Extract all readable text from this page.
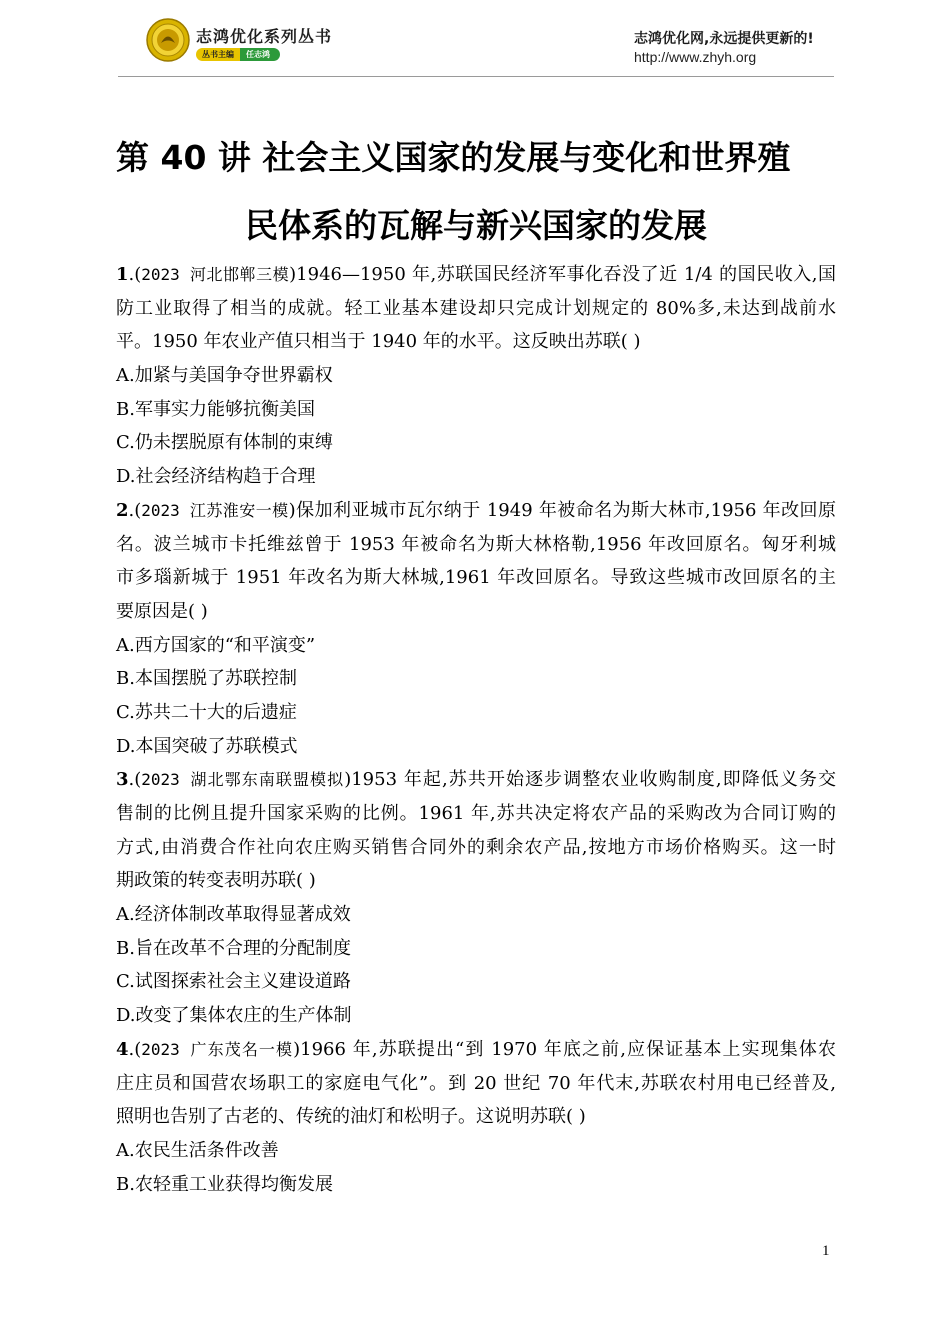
志鸿优化系列丛书
丛书主编	任志鸿
志鸿优化网,永远提供更新的!
http://www.zhyh.org
第 40 讲 社会主义国家的发展与变化和世界殖
民体系的瓦解与新兴国家的发展
1.(2023 河北邯郸三模)1946—1950 年,苏联国民经济军事化吞没了近 1/4 的国民收入,国
防工业取得了相当的成就。轻工业基本建设却只完成计划规定的 80%多,未达到战前水
平。1950 年农业产值只相当于 1940 年的水平。这反映出苏联( )
A.加紧与美国争夺世界霸权
B.军事实力能够抗衡美国
C.仍未摆脱原有体制的束缚
D.社会经济结构趋于合理
2.(2023 江苏淮安一模)保加利亚城市瓦尔纳于 1949 年被命名为斯大林市,1956 年改回原
名。波兰城市卡托维兹曾于 1953 年被命名为斯大林格勒,1956 年改回原名。匈牙利城
市多瑙新城于 1951 年改名为斯大林城,1961 年改回原名。导致这些城市改回原名的主
要原因是( )
A.西方国家的“和平演变”
B.本国摆脱了苏联控制
C.苏共二十大的后遗症
D.本国突破了苏联模式
3.(2023 湖北鄂东南联盟模拟)1953 年起,苏共开始逐步调整农业收购制度,即降低义务交
售制的比例且提升国家采购的比例。1961 年,苏共决定将农产品的采购改为合同订购的
方式,由消费合作社向农庄购买销售合同外的剩余农产品,按地方市场价格购买。这一时
期政策的转变表明苏联( )
A.经济体制改革取得显著成效
B.旨在改革不合理的分配制度
C.试图探索社会主义建设道路
D.改变了集体农庄的生产体制
4.(2023 广东茂名一模)1966 年,苏联提出“到 1970 年底之前,应保证基本上实现集体农
庄庄员和国营农场职工的家庭电气化”。到 20 世纪 70 年代末,苏联农村用电已经普及,
照明也告别了古老的、传统的油灯和松明子。这说明苏联( )
A.农民生活条件改善
B.农轻重工业获得均衡发展
1
